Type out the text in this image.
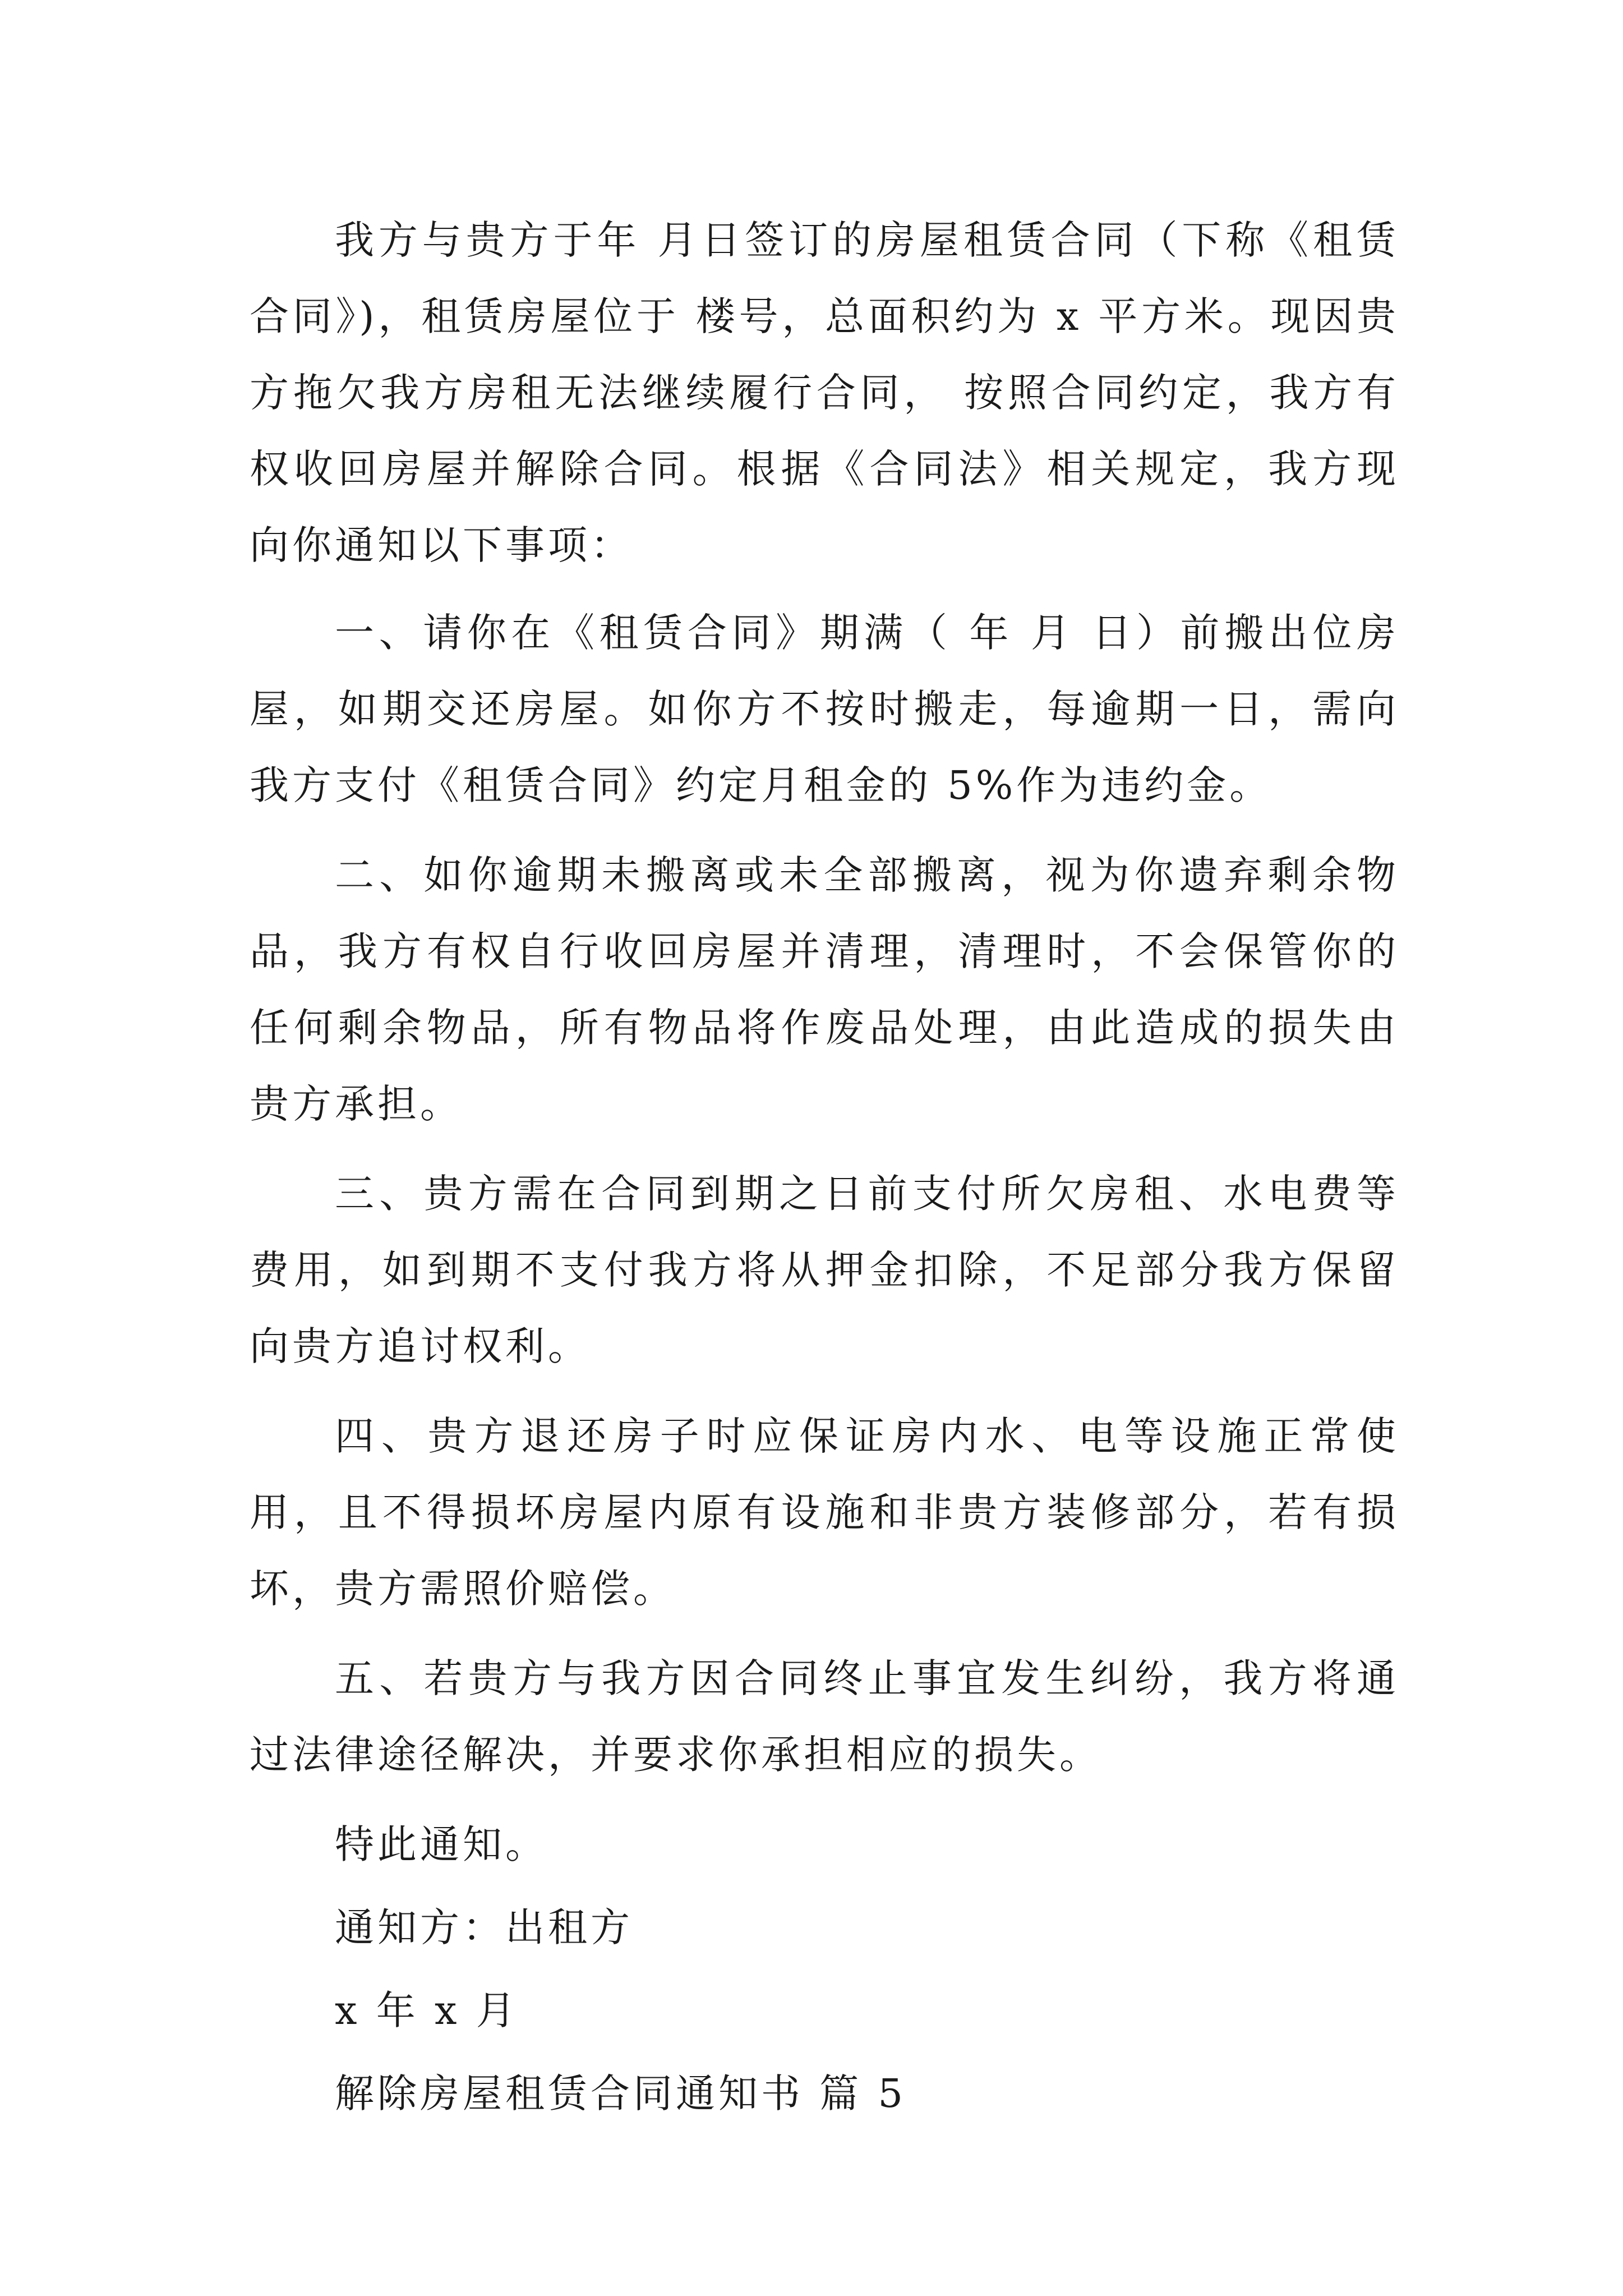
我方与贵方于年 月日签订的房屋租赁合同（下称《租赁合同》)，租赁房屋位于 楼号，总面积约为 x 平方米。现因贵方拖欠我方房租无法继续履行合同， 按照合同约定，我方有权收回房屋并解除合同。根据《合同法》相关规定，我方现向你通知以下事项：

一、请你在《租赁合同》期满（ 年 月 日）前搬出位房屋，如期交还房屋。如你方不按时搬走，每逾期一日，需向我方支付《租赁合同》约定月租金的 5%作为违约金。

二、如你逾期未搬离或未全部搬离，视为你遗弃剩余物品，我方有权自行收回房屋并清理，清理时，不会保管你的任何剩余物品，所有物品将作废品处理，由此造成的损失由贵方承担。

三、贵方需在合同到期之日前支付所欠房租、水电费等费用，如到期不支付我方将从押金扣除，不足部分我方保留向贵方追讨权利。

四、贵方退还房子时应保证房内水、电等设施正常使用，且不得损坏房屋内原有设施和非贵方装修部分，若有损坏，贵方需照价赔偿。

五、若贵方与我方因合同终止事宜发生纠纷，我方将通过法律途径解决，并要求你承担相应的损失。

特此通知。
通知方：出租方
x 年 x 月
解除房屋租赁合同通知书 篇 5
